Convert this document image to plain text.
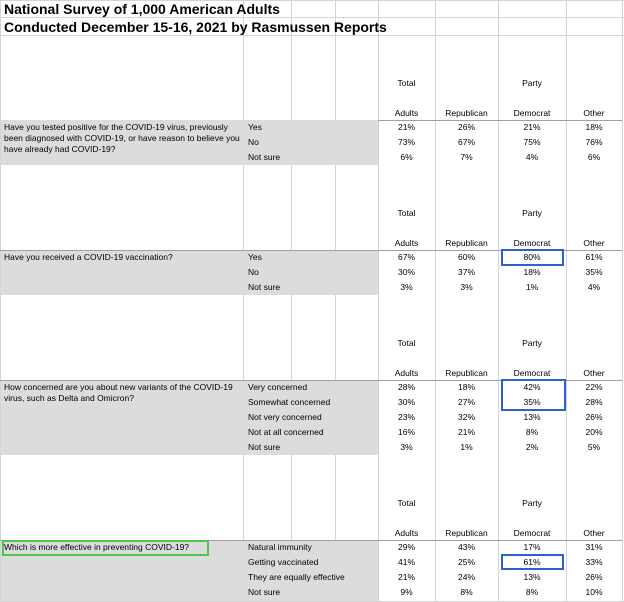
National Survey of 1,000 American Adults
Conducted December 15-16, 2021 by Rasmussen Reports
Total	Party
Adults	Republican	Democrat	Other
Have you tested positive for the COVID-19 virus, previously been diagnosed with COVID-19, or have reason to believe you have already had COVID-19?
Yes	21%	26%	21%	18%
No	73%	67%	75%	76%
Not sure	6%	7%	4%	6%
Total	Party
Adults	Republican	Democrat	Other
Have you received a COVID-19 vaccination?	Yes	67%	60%	80%	61%
No	30%	37%	18%	35%
Not sure	3%	3%	1%	4%
Total	Party
Adults	Republican	Democrat	Other
How concerned are you about new variants of the COVID-19 virus, such as Delta and Omicron?
Very concerned	28%	18%	42%	22%
Somewhat concerned	30%	27%	35%	28%
Not very concerned	23%	32%	13%	26%
Not at all concerned	16%	21%	8%	20%
Not sure	3%	1%	2%	5%
Total	Party
Adults	Republican	Democrat	Other
Which is more effective in preventing COVID-19?	Natural immunity	29%	43%	17%	31%
Getting vaccinated	41%	25%	61%	33%
They are equally effective	21%	24%	13%	26%
Not sure	9%	8%	8%	10%
